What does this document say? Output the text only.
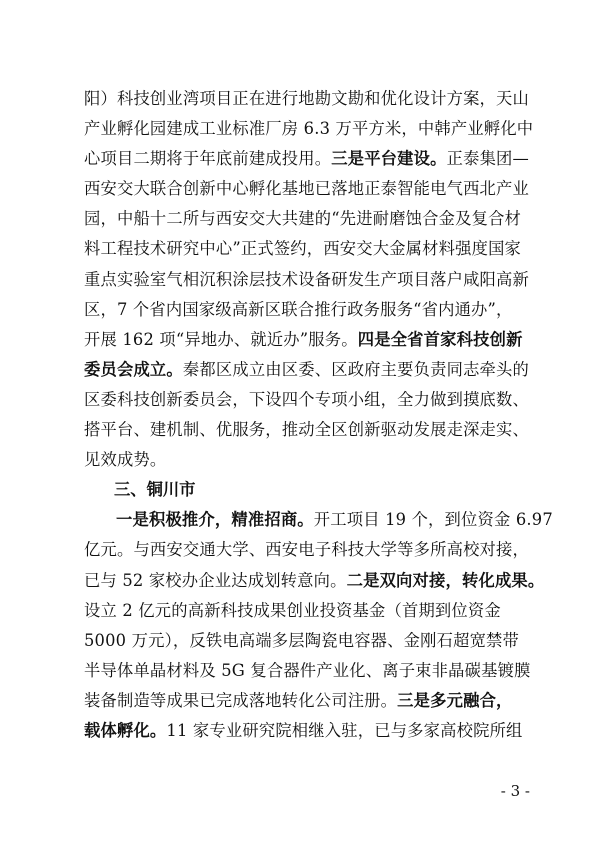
阳）科技创业湾项目正在进行地勘文勘和优化设计方案，天山
产业孵化园建成工业标准厂房 6.3 万平方米，中韩产业孵化中
心项目二期将于年底前建成投用。三是平台建设。正泰集团—
西安交大联合创新中心孵化基地已落地正泰智能电气西北产业
园，中船十二所与西安交大共建的“先进耐磨蚀合金及复合材
料工程技术研究中心”正式签约，西安交大金属材料强度国家
重点实验室气相沉积涂层技术设备研发生产项目落户咸阳高新
区，7 个省内国家级高新区联合推行政务服务“省内通办”，
开展 162 项“异地办、就近办”服务。四是全省首家科技创新
委员会成立。秦都区成立由区委、区政府主要负责同志牵头的
区委科技创新委员会，下设四个专项小组，全力做到摸底数、
搭平台、建机制、优服务，推动全区创新驱动发展走深走实、
见效成势。
三、铜川市
一是积极推介，精准招商。开工项目 19 个，到位资金 6.97
亿元。与西安交通大学、西安电子科技大学等多所高校对接，
已与 52 家校办企业达成划转意向。二是双向对接，转化成果。
设立 2 亿元的高新科技成果创业投资基金（首期到位资金
5000 万元），反铁电高端多层陶瓷电容器、金刚石超宽禁带
半导体单晶材料及 5G 复合器件产业化、离子束非晶碳基镀膜
装备制造等成果已完成落地转化公司注册。三是多元融合，
载体孵化。11 家专业研究院相继入驻，已与多家高校院所组
- 3 -
